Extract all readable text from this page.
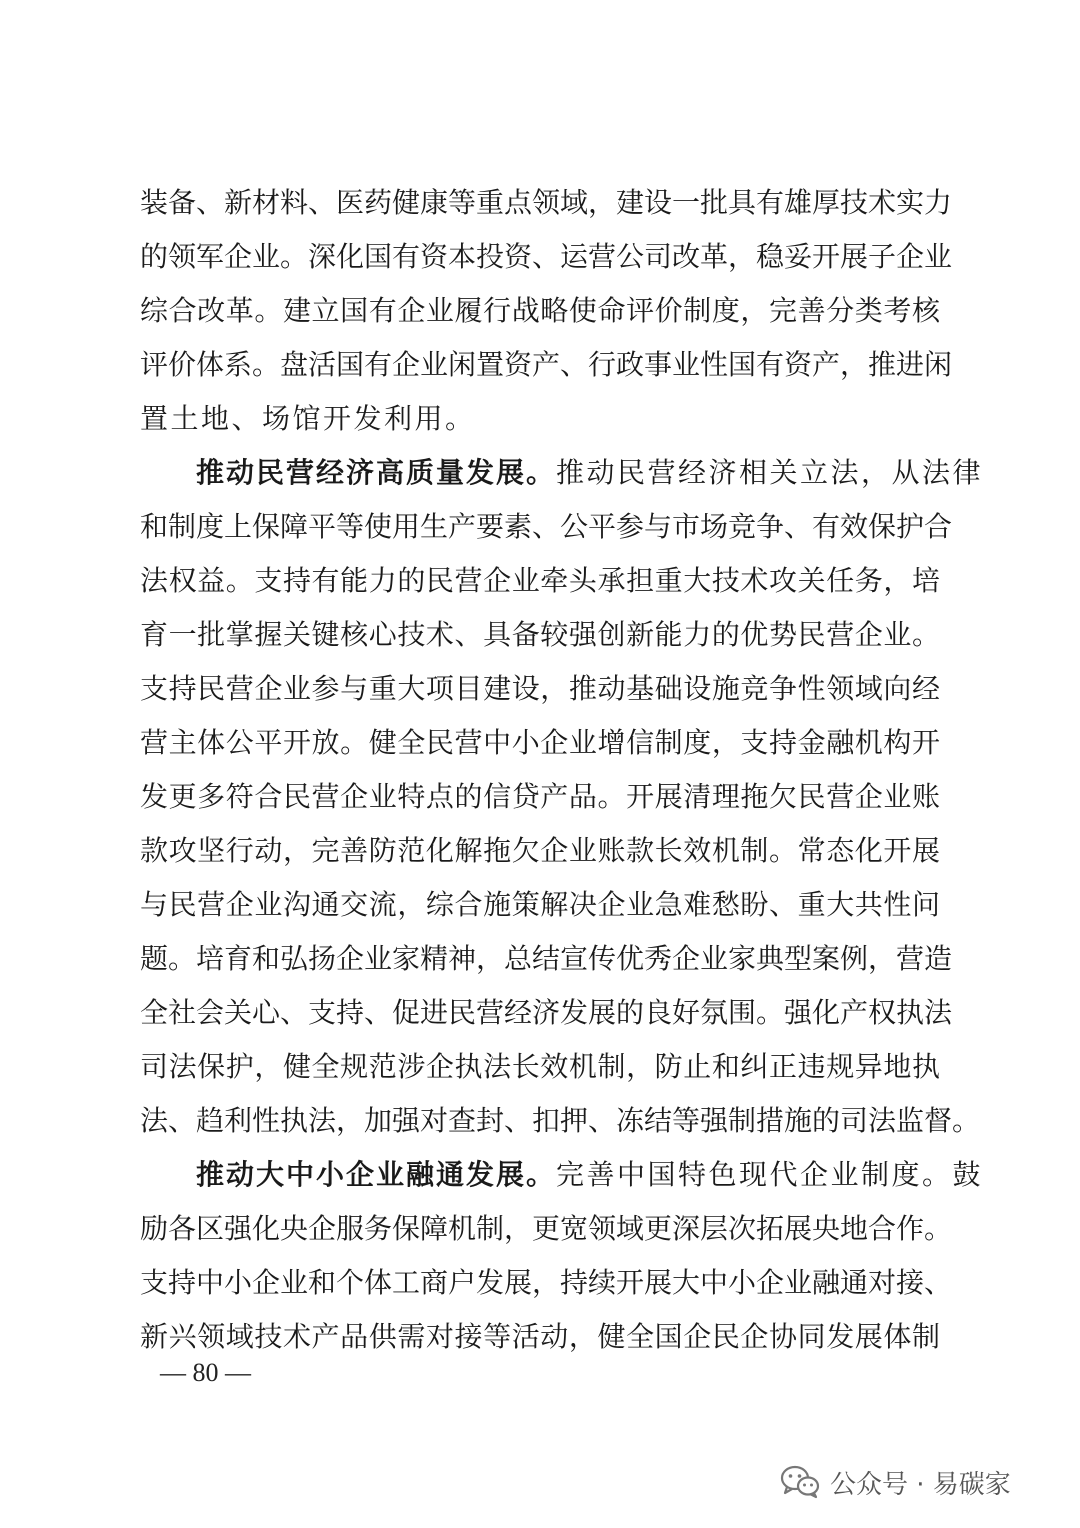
装备、新材料、医药健康等重点领域，建设一批具有雄厚技术实力
的领军企业。深化国有资本投资、运营公司改革，稳妥开展子企业
综合改革。建立国有企业履行战略使命评价制度，完善分类考核
评价体系。盘活国有企业闲置资产、行政事业性国有资产，推进闲
置土地、场馆开发利用。
推动民营经济高质量发展。推动民营经济相关立法，从法律
和制度上保障平等使用生产要素、公平参与市场竞争、有效保护合
法权益。支持有能力的民营企业牵头承担重大技术攻关任务，培
育一批掌握关键核心技术、具备较强创新能力的优势民营企业。
支持民营企业参与重大项目建设，推动基础设施竞争性领域向经
营主体公平开放。健全民营中小企业增信制度，支持金融机构开
发更多符合民营企业特点的信贷产品。开展清理拖欠民营企业账
款攻坚行动，完善防范化解拖欠企业账款长效机制。常态化开展
与民营企业沟通交流，综合施策解决企业急难愁盼、重大共性问
题。培育和弘扬企业家精神，总结宣传优秀企业家典型案例，营造
全社会关心、支持、促进民营经济发展的良好氛围。强化产权执法
司法保护，健全规范涉企执法长效机制，防止和纠正违规异地执
法、趋利性执法，加强对查封、扣押、冻结等强制措施的司法监督。
推动大中小企业融通发展。完善中国特色现代企业制度。鼓
励各区强化央企服务保障机制，更宽领域更深层次拓展央地合作。
支持中小企业和个体工商户发展，持续开展大中小企业融通对接、
新兴领域技术产品供需对接等活动，健全国企民企协同发展体制
— 80 —
公众号 · 易碳家
